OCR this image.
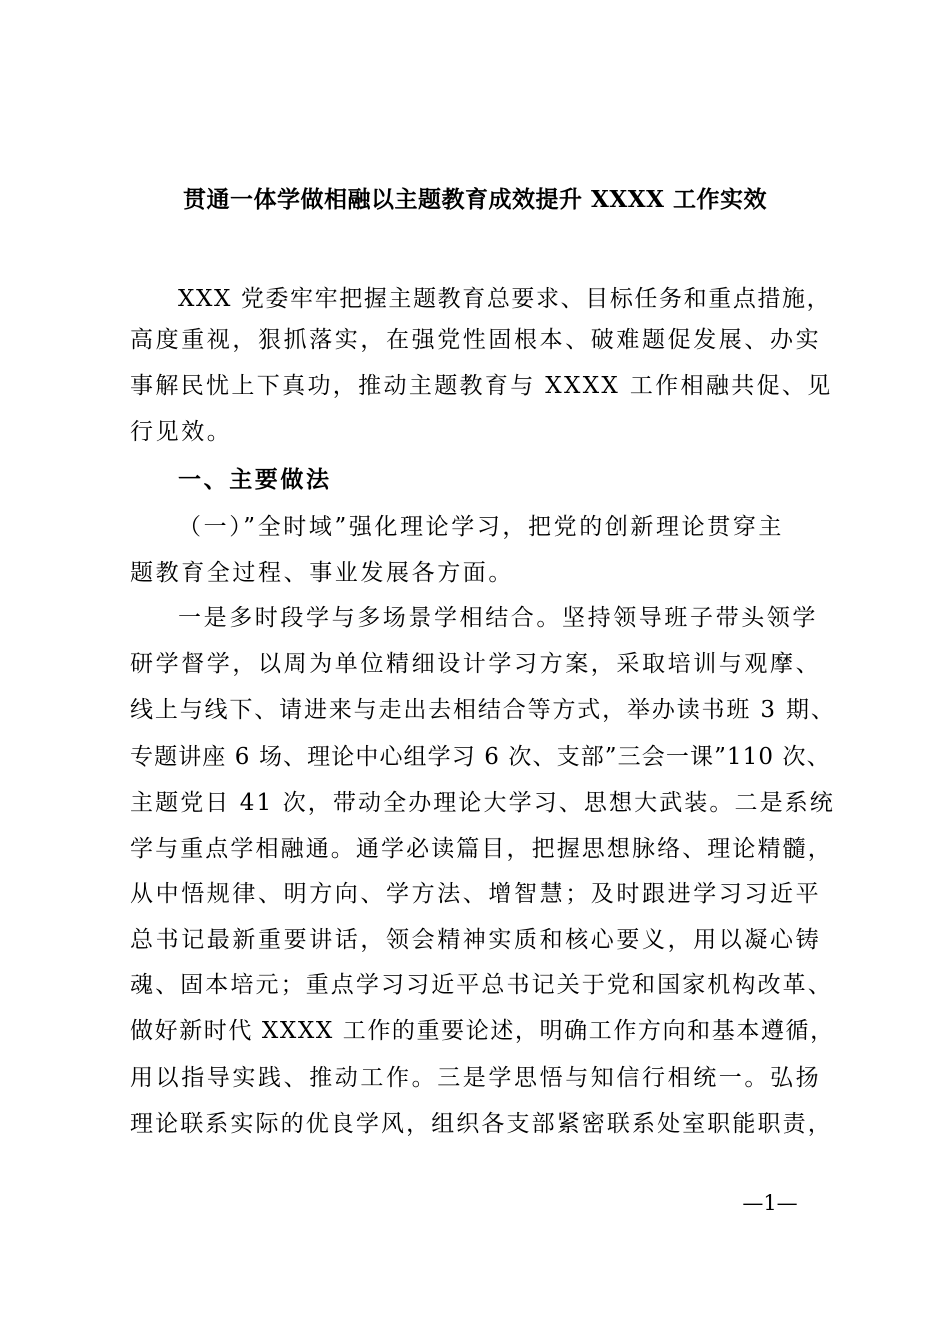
贯通一体学做相融以主题教育成效提升 XXXX 工作实效
XXX 党委牢牢把握主题教育总要求、目标任务和重点措施，
高度重视，狠抓落实，在强党性固根本、破难题促发展、办实
事解民忧上下真功，推动主题教育与 XXXX 工作相融共促、见
行见效。
一、主要做法
（一）”全时域”强化理论学习，把党的创新理论贯穿主
题教育全过程、事业发展各方面。
一是多时段学与多场景学相结合。坚持领导班子带头领学
研学督学，以周为单位精细设计学习方案，采取培训与观摩、
线上与线下、请进来与走出去相结合等方式，举办读书班 3 期、
专题讲座 6 场、理论中心组学习 6 次、支部”三会一课”110 次、
主题党日 41 次，带动全办理论大学习、思想大武装。二是系统
学与重点学相融通。通学必读篇目，把握思想脉络、理论精髓，
从中悟规律、明方向、学方法、增智慧；及时跟进学习习近平
总书记最新重要讲话，领会精神实质和核心要义，用以凝心铸
魂、固本培元；重点学习习近平总书记关于党和国家机构改革、
做好新时代 XXXX 工作的重要论述，明确工作方向和基本遵循，
用以指导实践、推动工作。三是学思悟与知信行相统一。弘扬
理论联系实际的优良学风，组织各支部紧密联系处室职能职责，
—1—
